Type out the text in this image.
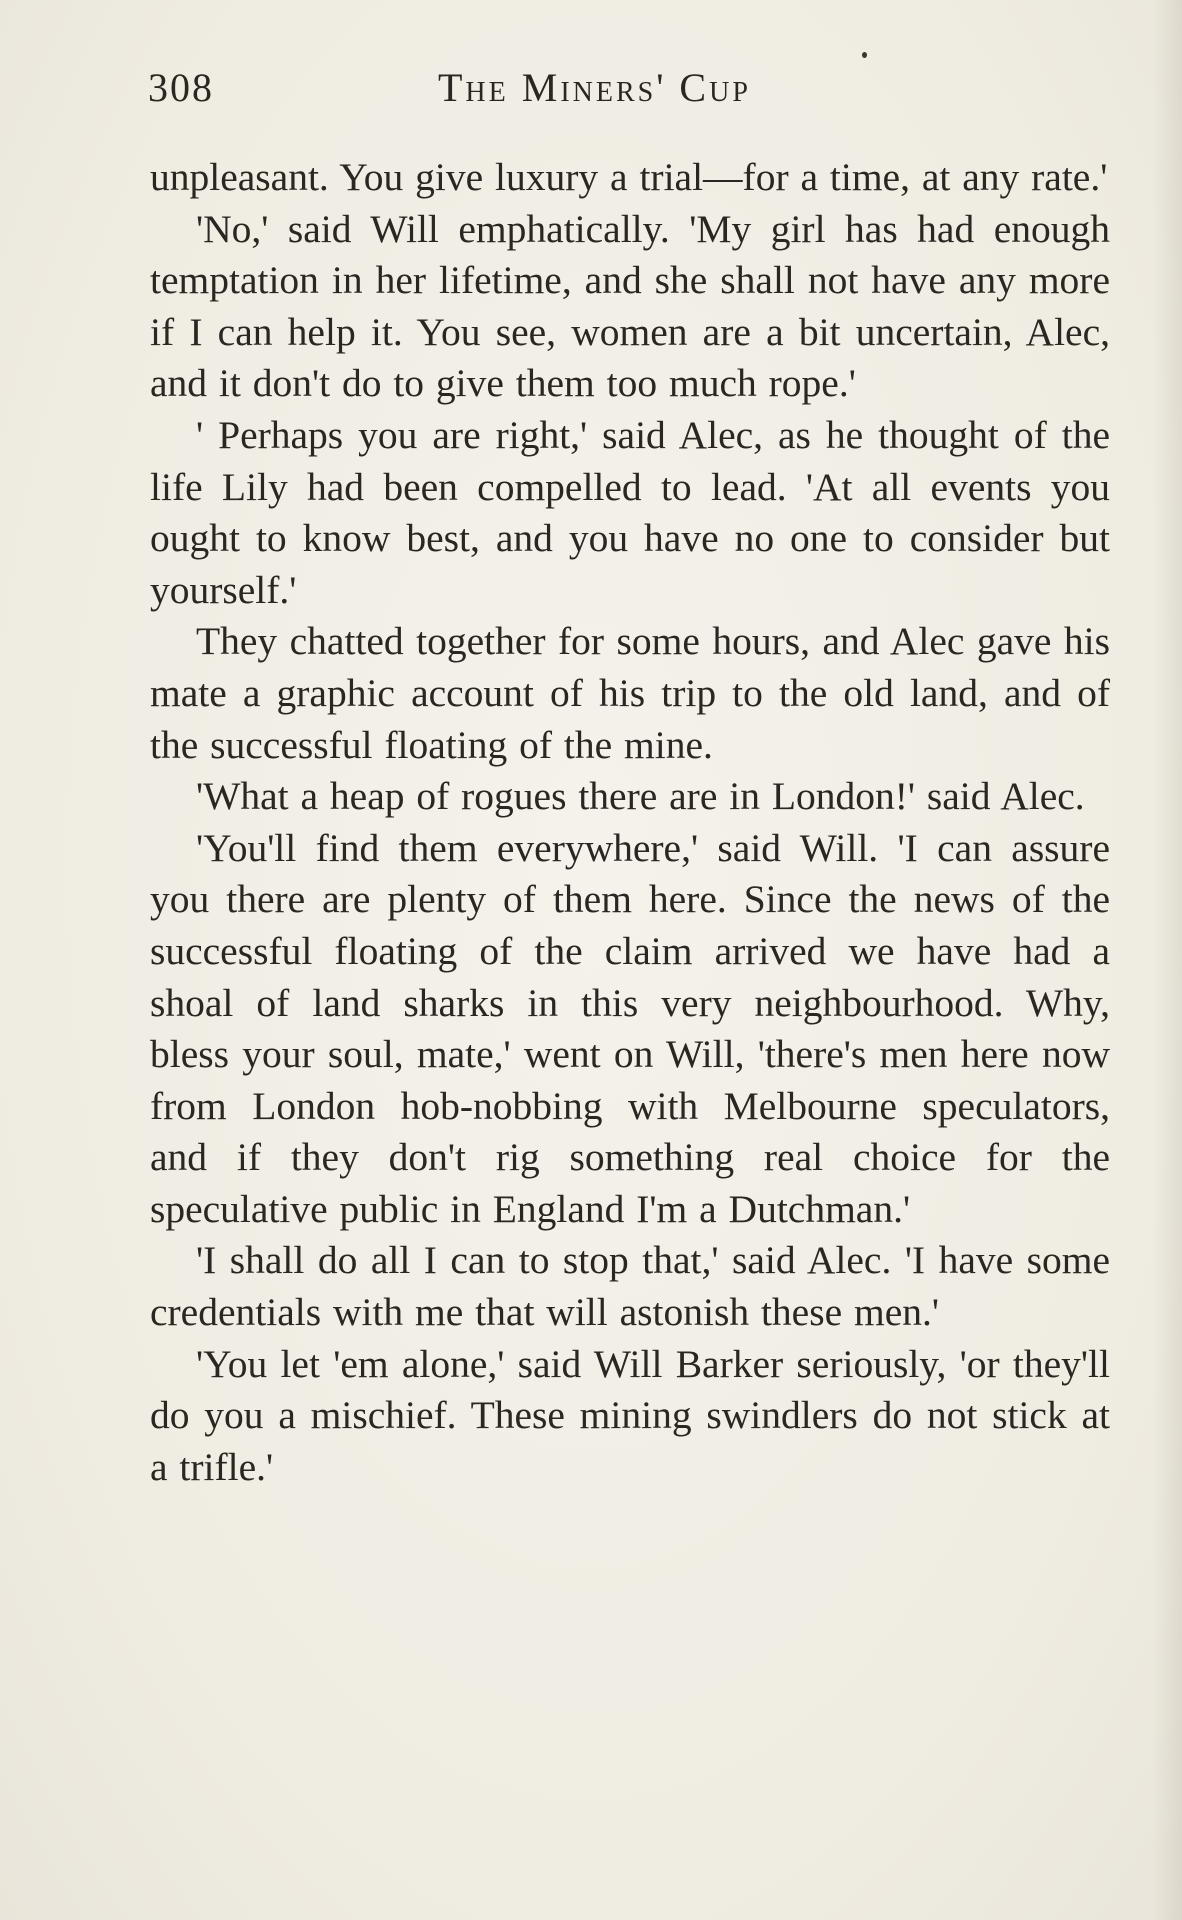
308	The Miners' Cup

unpleasant. You give luxury a trial—for a time, at any rate.'

'No,' said Will emphatically. 'My girl has had enough temptation in her lifetime, and she shall not have any more if I can help it. You see, women are a bit uncertain, Alec, and it don't do to give them too much rope.'

' Perhaps you are right,' said Alec, as he thought of the life Lily had been compelled to lead. 'At all events you ought to know best, and you have no one to consider but yourself.'

They chatted together for some hours, and Alec gave his mate a graphic account of his trip to the old land, and of the successful floating of the mine.

'What a heap of rogues there are in London!' said Alec.

'You'll find them everywhere,' said Will. 'I can assure you there are plenty of them here. Since the news of the successful floating of the claim arrived we have had a shoal of land sharks in this very neighbourhood. Why, bless your soul, mate,' went on Will, 'there's men here now from London hob-nobbing with Melbourne speculators, and if they don't rig something real choice for the speculative public in England I'm a Dutchman.'

'I shall do all I can to stop that,' said Alec. 'I have some credentials with me that will astonish these men.'

'You let 'em alone,' said Will Barker seriously, 'or they'll do you a mischief. These mining swindlers do not stick at a trifle.'
